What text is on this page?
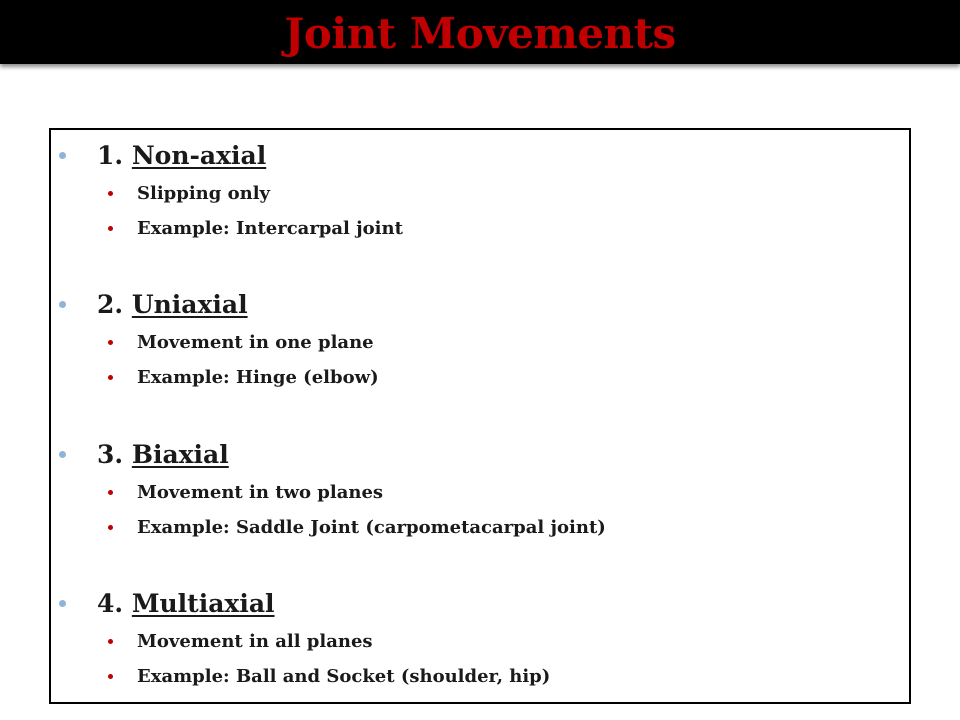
Joint Movements
1. Non-axial
Slipping only
Example: Intercarpal joint
2. Uniaxial
Movement in one plane
Example: Hinge (elbow)
3. Biaxial
Movement in two planes
Example: Saddle Joint (carpometacarpal joint)
4. Multiaxial
Movement in all planes
Example: Ball and Socket (shoulder, hip)
